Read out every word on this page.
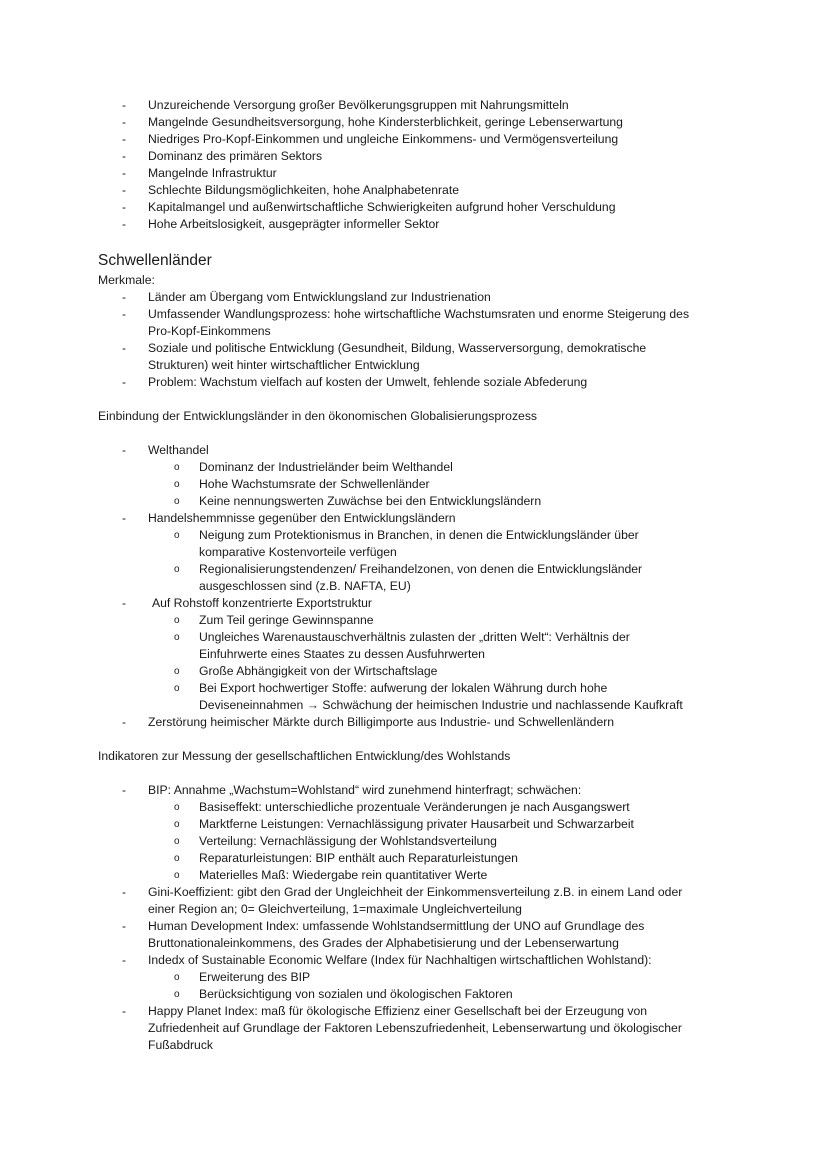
-	Unzureichende Versorgung großer Bevölkerungsgruppen mit Nahrungsmitteln
-	Mangelnde Gesundheitsversorgung, hohe Kindersterblichkeit, geringe Lebenserwartung
-	Niedriges Pro-Kopf-Einkommen und ungleiche Einkommens- und Vermögensverteilung
-	Dominanz des primären Sektors
-	Mangelnde Infrastruktur
-	Schlechte Bildungsmöglichkeiten, hohe Analphabetenrate
-	Kapitalmangel und außenwirtschaftliche Schwierigkeiten aufgrund hoher Verschuldung
-	Hohe Arbeitslosigkeit, ausgeprägter informeller Sektor
Schwellenländer
Merkmale:
-	Länder am Übergang vom Entwicklungsland zur Industrienation
-	Umfassender Wandlungsprozess: hohe wirtschaftliche Wachstumsraten und enorme Steigerung des
Pro-Kopf-Einkommens
-	Soziale und politische Entwicklung (Gesundheit, Bildung, Wasserversorgung, demokratische
Strukturen) weit hinter wirtschaftlicher Entwicklung
-	Problem: Wachstum vielfach auf kosten der Umwelt, fehlende soziale Abfederung
Einbindung der Entwicklungsländer in den ökonomischen Globalisierungsprozess
-	Welthandel
o	Dominanz der Industrieländer beim Welthandel
o	Hohe Wachstumsrate der Schwellenländer
o	Keine nennungswerten Zuwächse bei den Entwicklungsländern
-	Handelshemmnisse gegenüber den Entwicklungsländern
o	Neigung zum Protektionismus in Branchen, in denen die Entwicklungsländer über
komparative Kostenvorteile verfügen
o	Regionalisierungstendenzen/ Freihandelzonen, von denen die Entwicklungsländer
ausgeschlossen sind (z.B. NAFTA, EU)
-	Auf Rohstoff konzentrierte Exportstruktur
o	Zum Teil geringe Gewinnspanne
o	Ungleiches Warenaustauschverhältnis zulasten der „dritten Welt“: Verhältnis der
Einfuhrwerte eines Staates zu dessen Ausfuhrwerten
o	Große Abhängigkeit von der Wirtschaftslage
o	Bei Export hochwertiger Stoffe: aufwerung der lokalen Währung durch hohe
Deviseneinnahmen → Schwächung der heimischen Industrie und nachlassende Kaufkraft
-	Zerstörung heimischer Märkte durch Billigimporte aus Industrie- und Schwellenländern
Indikatoren zur Messung der gesellschaftlichen Entwicklung/des Wohlstands
-	BIP: Annahme „Wachstum=Wohlstand“ wird zunehmend hinterfragt; schwächen:
o	Basiseffekt: unterschiedliche prozentuale Veränderungen je nach Ausgangswert
o	Marktferne Leistungen: Vernachlässigung privater Hausarbeit und Schwarzarbeit
o	Verteilung: Vernachlässigung der Wohlstandsverteilung
o	Reparaturleistungen: BIP enthält auch Reparaturleistungen
o	Materielles Maß: Wiedergabe rein quantitativer Werte
-	Gini-Koeffizient: gibt den Grad der Ungleichheit der Einkommensverteilung z.B. in einem Land oder
einer Region an; 0= Gleichverteilung, 1=maximale Ungleichverteilung
-	Human Development Index: umfassende Wohlstandsermittlung der UNO auf Grundlage des
Bruttonationaleinkommens, des Grades der Alphabetisierung und der Lebenserwartung
-	Indedx of Sustainable Economic Welfare (Index für Nachhaltigen wirtschaftlichen Wohlstand):
o	Erweiterung des BIP
o	Berücksichtigung von sozialen und ökologischen Faktoren
-	Happy Planet Index: maß für ökologische Effizienz einer Gesellschaft bei der Erzeugung von
Zufriedenheit auf Grundlage der Faktoren Lebenszufriedenheit, Lebenserwartung und ökologischer
Fußabdruck
